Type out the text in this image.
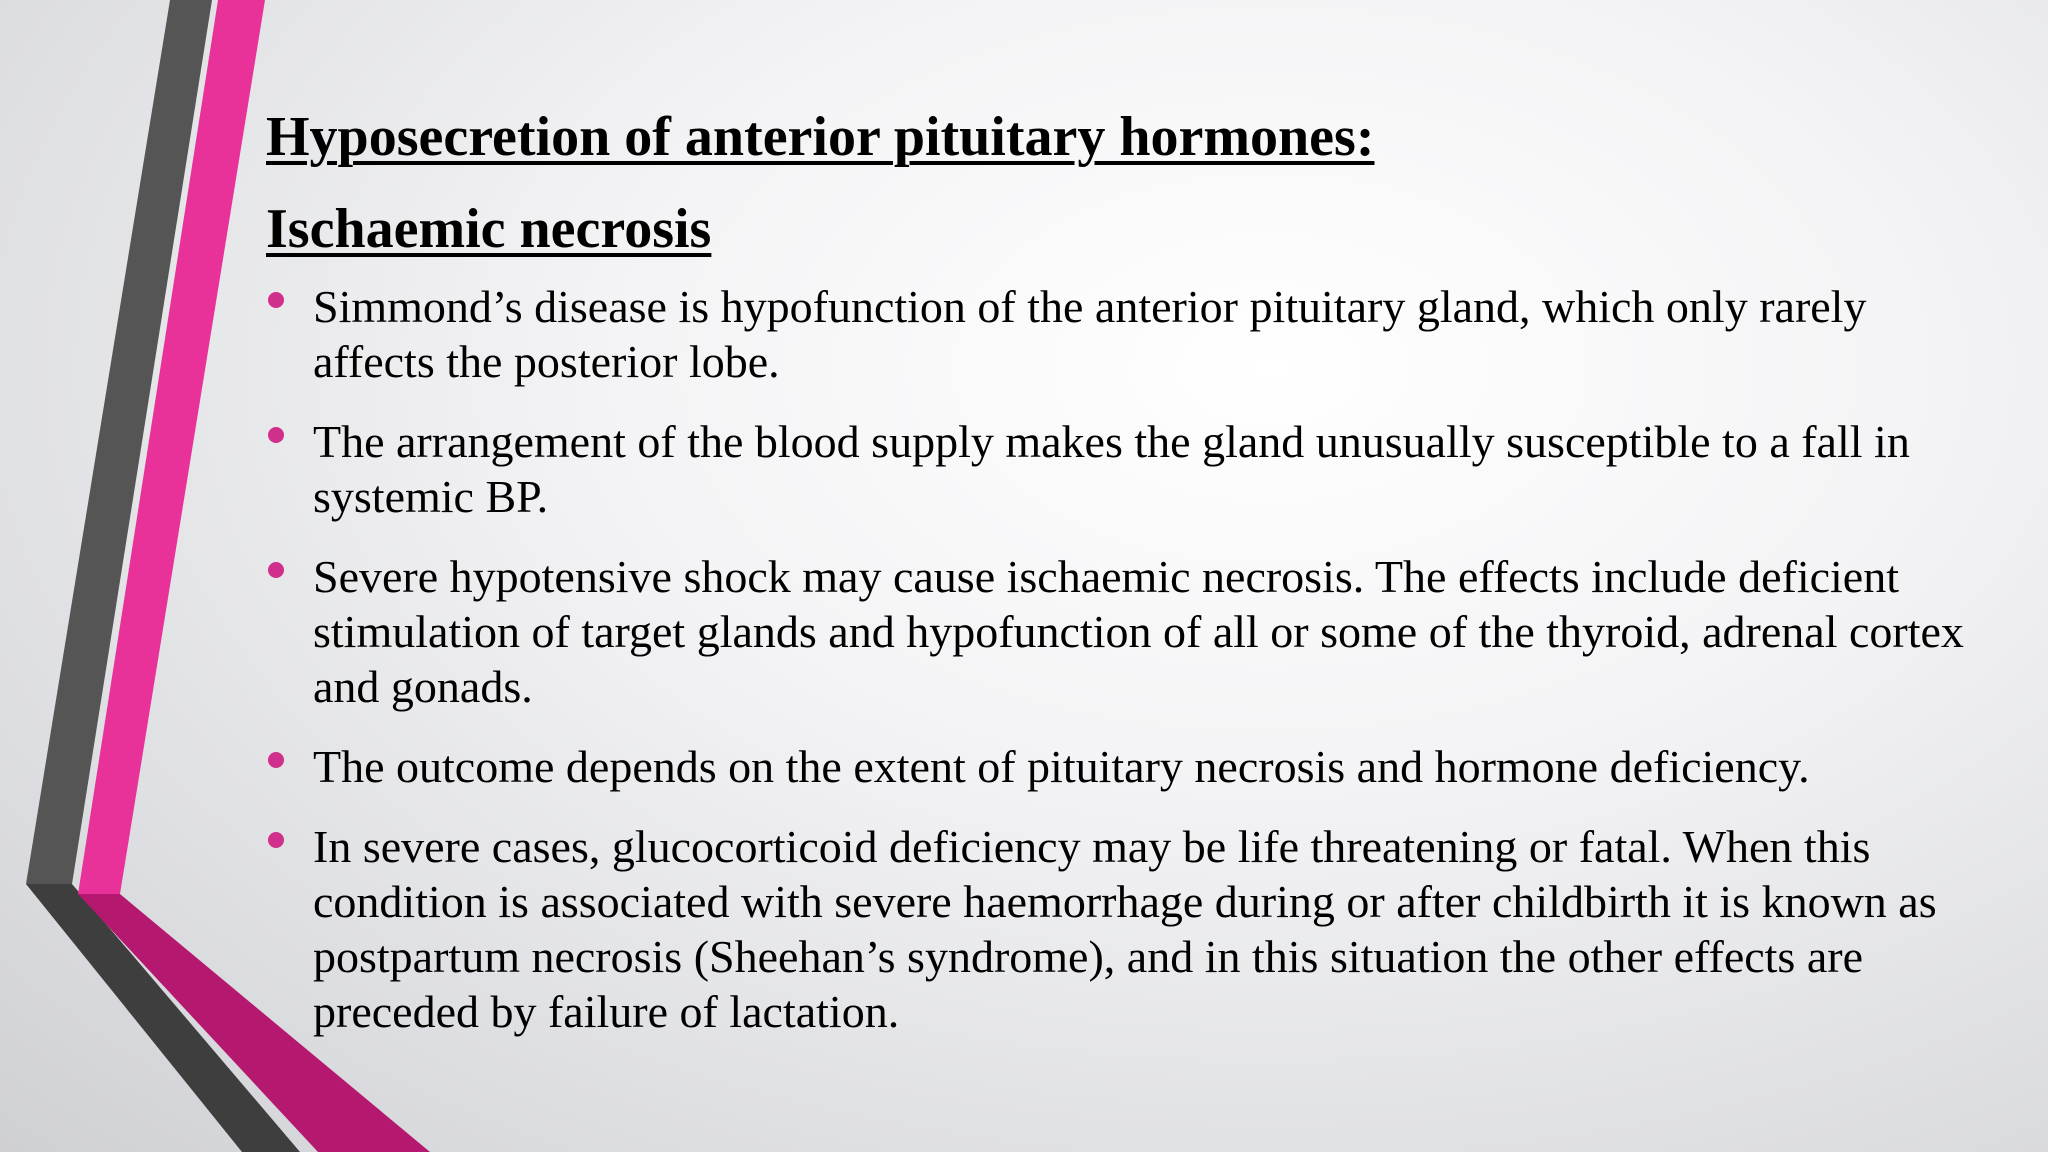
Hyposecretion of anterior pituitary hormones:
Ischaemic necrosis
Simmond’s disease is hypofunction of the anterior pituitary gland, which only rarely affects the posterior lobe.
The arrangement of the blood supply makes the gland unusually susceptible to a fall in systemic BP.
Severe hypotensive shock may cause ischaemic necrosis. The effects include deficient stimulation of target glands and hypofunction of all or some of the thyroid, adrenal cortex and gonads.
The outcome depends on the extent of pituitary necrosis and hormone deficiency.
In severe cases, glucocorticoid deficiency may be life threatening or fatal. When this condition is associated with severe haemorrhage during or after childbirth it is known as postpartum necrosis (Sheehan’s syndrome), and in this situation the other effects are preceded by failure of lactation.
